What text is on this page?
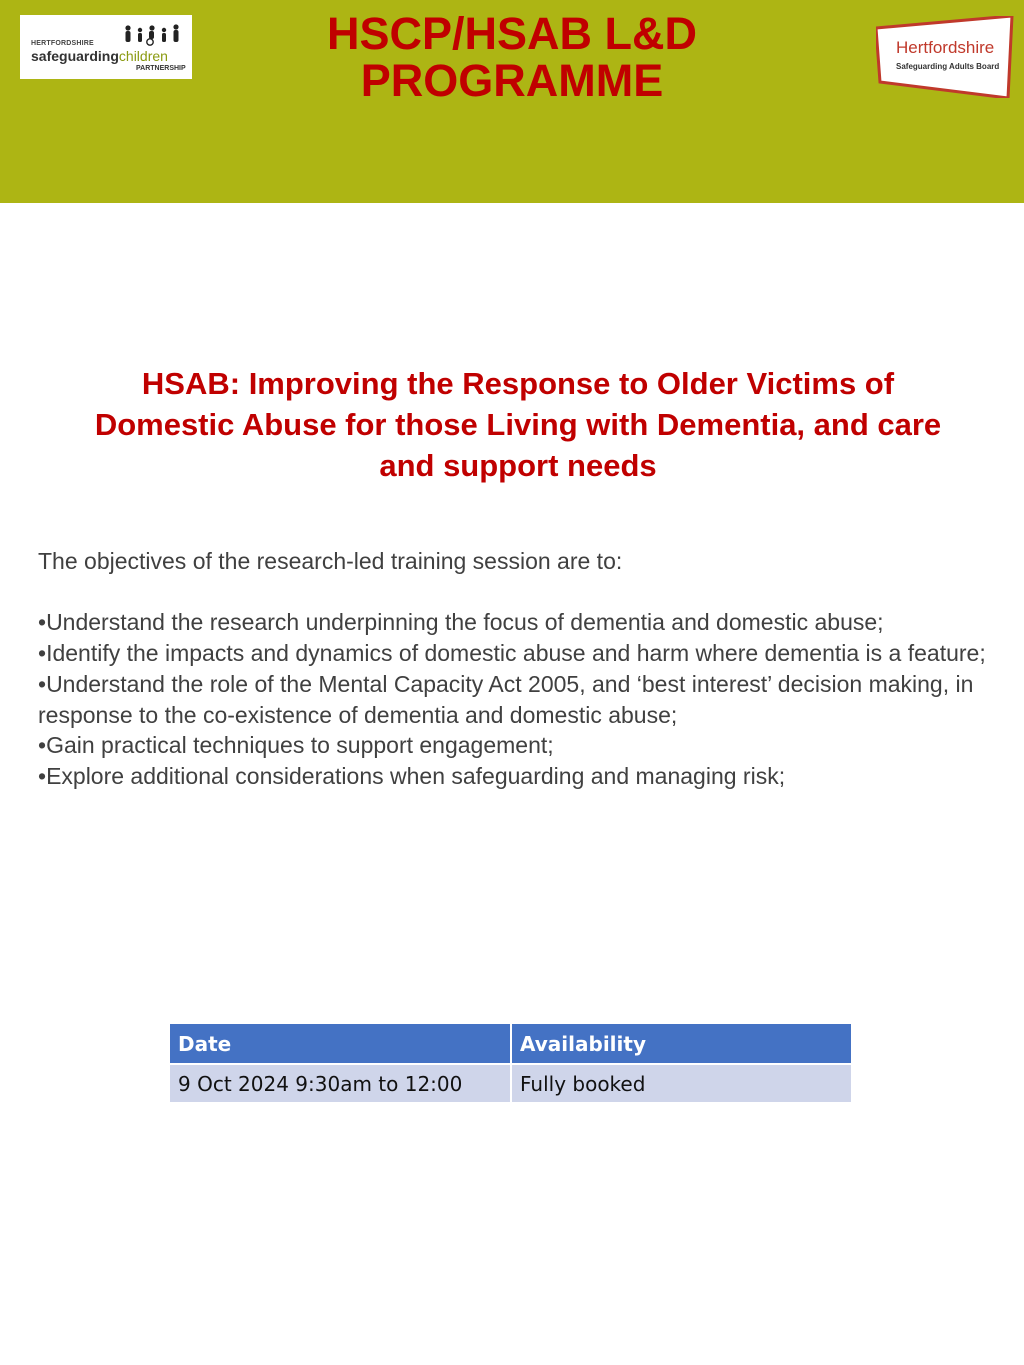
HERTFORDSHIRE
safeguardingchildren
PARTNERSHIP
HSCP/HSAB L&D
PROGRAMME
Hertfordshire
Safeguarding Adults Board
HSAB: Improving the Response to Older Victims of
Domestic Abuse for those Living with Dementia, and care
and support needs

The objectives of the research-led training session are to:

• Understand the research underpinning the focus of dementia and domestic abuse;
• Identify the impacts and dynamics of domestic abuse and harm where dementia is a feature;
• Understand the role of the Mental Capacity Act 2005, and ‘best interest’ decision making, in response to the co-existence of dementia and domestic abuse;
• Gain practical techniques to support engagement;
• Explore additional considerations when safeguarding and managing risk;
Date	Availability
9 Oct 2024 9:30am to 12:00	Fully booked
